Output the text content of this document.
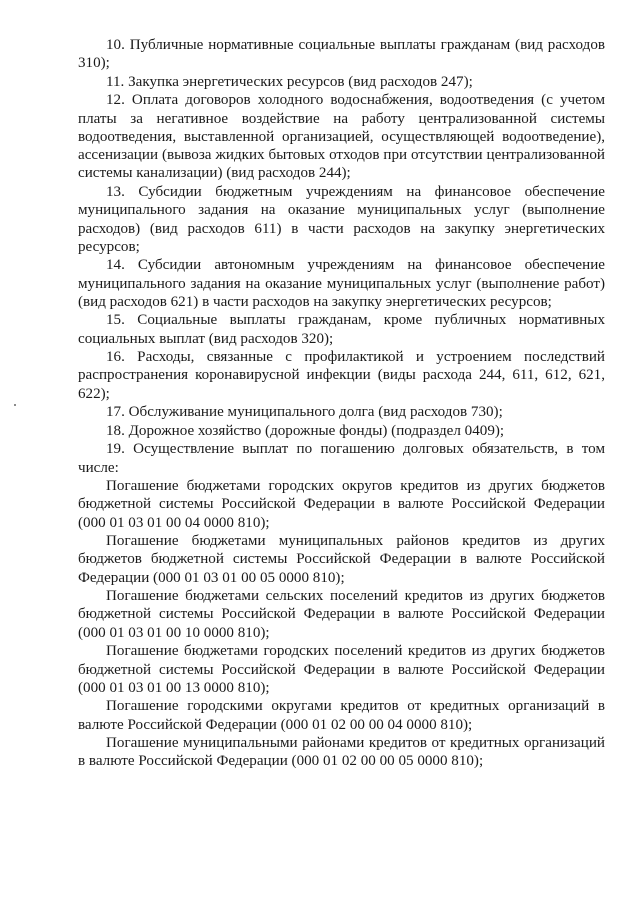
10. Публичные нормативные социальные выплаты гражданам (вид расходов 310);

11. Закупка энергетических ресурсов (вид расходов 247);

12. Оплата договоров холодного водоснабжения, водоотведения (с учетом платы за негативное воздействие на работу централизованной системы водоотведения, выставленной организацией, осуществляющей водоотведение), ассенизации (вывоза жидких бытовых отходов при отсутствии централизованной системы канализации) (вид расходов 244);

13. Субсидии бюджетным учреждениям на финансовое обеспечение муниципального задания на оказание муниципальных услуг (выполнение расходов) (вид расходов 611) в части расходов на закупку энергетических ресурсов;

14. Субсидии автономным учреждениям на финансовое обеспечение муниципального задания на оказание муниципальных услуг (выполнение работ) (вид расходов 621) в части расходов на закупку энергетических ресурсов;

15. Социальные выплаты гражданам, кроме публичных нормативных социальных выплат (вид расходов 320);

16. Расходы, связанные с профилактикой и устроением последствий распространения коронавирусной инфекции (виды расхода 244, 611, 612, 621, 622);

17. Обслуживание муниципального долга (вид расходов 730);

18. Дорожное хозяйство (дорожные фонды) (подраздел 0409);

19. Осуществление выплат по погашению долговых обязательств, в том числе:

Погашение бюджетами городских округов кредитов из других бюджетов бюджетной системы Российской Федерации в валюте Российской Федерации (000 01 03 01 00 04 0000 810);

Погашение бюджетами муниципальных районов кредитов из других бюджетов бюджетной системы Российской Федерации в валюте Российской Федерации (000 01 03 01 00 05 0000 810);

Погашение бюджетами сельских поселений кредитов из других бюджетов бюджетной системы Российской Федерации в валюте Российской Федерации (000 01 03 01 00 10 0000 810);

Погашение бюджетами городских поселений кредитов из других бюджетов бюджетной системы Российской Федерации в валюте Российской Федерации (000 01 03 01 00 13 0000 810);

Погашение городскими округами кредитов от кредитных организаций в валюте Российской Федерации (000 01 02 00 00 04 0000 810);

Погашение муниципальными районами кредитов от кредитных организаций в валюте Российской Федерации (000 01 02 00 00 05 0000 810);
